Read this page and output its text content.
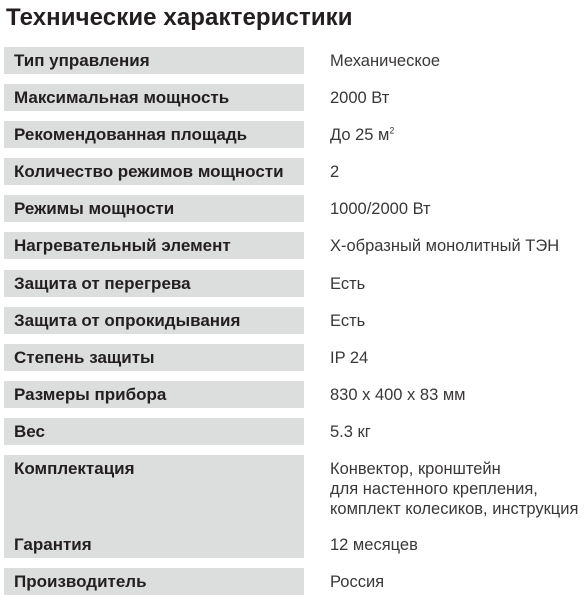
Технические характеристики
Тип управления	Механическое
Максимальная мощность	2000 Вт
Рекомендованная площадь	До 25 $м^2$
Количество режимов мощности	2
Режимы мощности	1000/2000 Вт
Нагревательный элемент	X-образный монолитный ТЭН
Защита от перегрева	Есть
Защита от опрокидывания	Есть
Степень защиты	IP 24
Размеры прибора	830 x 400 x 83 мм
Вес	5.3 кг
Комплектация	Конвектор, кронштейн
для настенного крепления,
комплект колесиков, инструкция
Гарантия	12 месяцев
Производитель	Россия
